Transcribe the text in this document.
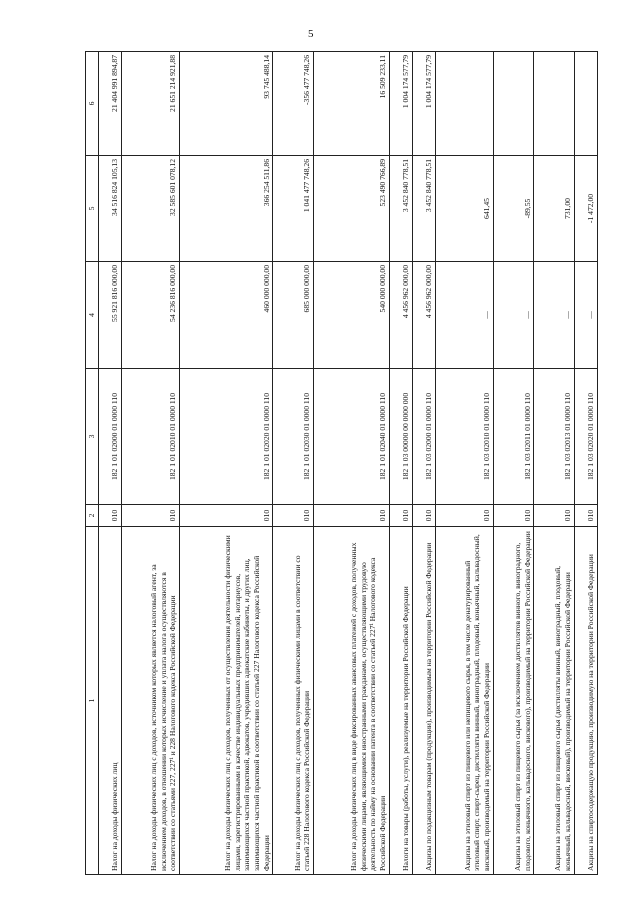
5
1	2	3	4	5	6
Налог на доходы физических лиц	010	182 1 01 02000 01 0000 110	55 921 816 000,00	34 516 824 105,13	21 404 991 894,87
Налог на доходы физических лиц с доходов, источником которых является налоговый агент, за исключением доходов, в отношении которых исчисление и уплата налога осуществляются в соответствии со статьями 227, 227¹ и 228 Налогового кодекса Российской Федерации	010	182 1 01 02010 01 0000 110	54 236 816 000,00	32 585 601 078,12	21 651 214 921,88
Налог на доходы физических лиц с доходов, полученных от осуществления деятельности физическими лицами, зарегистрированными в качестве индивидуальных предпринимателей, нотариусов, занимающихся частной практикой, адвокатов, учредивших адвокатские кабинеты, и других лиц, занимающихся частной практикой в соответствии со статьей 227 Налогового кодекса Российской Федерации	010	182 1 01 02020 01 0000 110	460 000 000,00	366 254 511,86	93 745 488,14
Налог на доходы физических лиц с доходов, полученных физическими лицами в соответствии со статьей 228 Налогового кодекса Российской Федерации	010	182 1 01 02030 01 0000 110	685 000 000,00	1 041 477 748,26	-356 477 748,26
Налог на доходы физических лиц в виде фиксированных авансовых платежей с доходов, полученных физическими лицами, являющимися иностранными гражданами, осуществляющими трудовую деятельность по найму на основании патента в соответствии со статьей 227¹ Налогового кодекса Российской Федерации	010	182 1 01 02040 01 0000 110	540 000 000,00	523 490 766,89	16 509 233,11
Налоги на товары (работы, услуги), реализуемые на территории Российской Федерации	010	182 1 03 00000 00 0000 000	4 456 962 000,00	3 452 840 778,51	1 004 174 577,79
Акцизы по подакцизным товарам (продукции), производимым на территории Российской Федерации	010	182 1 03 02000 01 0000 110	4 456 962 000,00	3 452 840 778,51	1 004 174 577,79
Акцизы на этиловый спирт из пищевого или непищевого сырья, в том числе денатурированный этиловый спирт, спирт-сырец, дистилляты винный, виноградный, плодовый, коньячный, кальвадосный, висковый, производимый на территории Российской Федерации	010	182 1 03 02010 01 0000 110	—	641,45	
Акцизы на этиловый спирт из пищевого сырья (за исключением дистиллятов винного, виноградного, плодового, коньячного, кальвадосного, вискового), производимый на территории Российской Федерации	010	182 1 03 02011 01 0000 110	—	-89,55	
Акцизы на этиловый спирт из пищевого сырья (дистилляты винный, виноградный, плодовый, коньячный, кальвадосный, висковый), производимый на территории Российской Федерации	010	182 1 03 02013 01 0000 110	—	731,00	
Акцизы на спиртосодержащую продукцию, производимую на территории Российской Федерации	010	182 1 03 02020 01 0000 110	—	-1 472,00	
